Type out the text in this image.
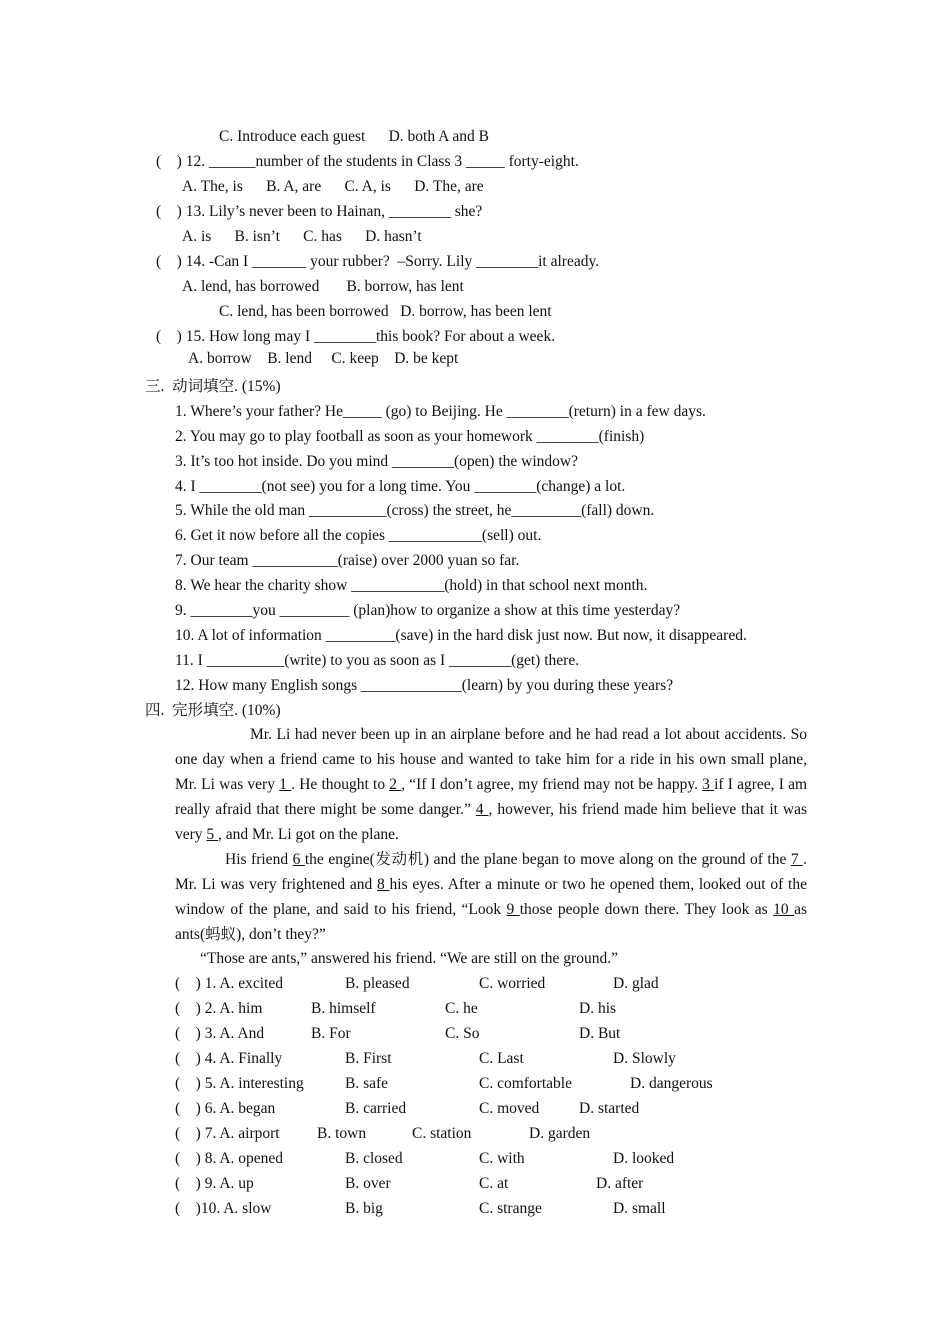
C. Introduce each guest      D. both A and B
(    ) 12. ______number of the students in Class 3 _____ forty-eight.
A. The, is      B. A, are      C. A, is      D. The, are
(    ) 13. Lily’s never been to Hainan, ________ she?
A. is      B. isn’t      C. has      D. hasn’t
(    ) 14. -Can I _______ your rubber?  –Sorry. Lily ________it already.
A. lend, has borrowed       B. borrow, has lent
C. lend, has been borrowed   D. borrow, has been lent
(    ) 15. How long may I ________this book? For about a week.
A. borrow    B. lend     C. keep    D. be kept
三.  动词填空. (15%)
1. Where’s your father? He_____ (go) to Beijing. He ________(return) in a few days.
2. You may go to play football as soon as your homework ________(finish)
3. It’s too hot inside. Do you mind ________(open) the window?
4. I ________(not see) you for a long time. You ________(change) a lot.
5. While the old man __________(cross) the street, he_________(fall) down.
6. Get it now before all the copies ____________(sell) out.
7. Our team ___________(raise) over 2000 yuan so far.
8. We hear the charity show ____________(hold) in that school next month.
9. ________you _________ (plan)how to organize a show at this time yesterday?
10. A lot of information _________(save) in the hard disk just now. But now, it disappeared.
11. I __________(write) to you as soon as I ________(get) there.
12. How many English songs _____________(learn) by you during these years?
四.  完形填空. (10%)
Mr. Li had never been up in an airplane before and he had read a lot about accidents. So one day when a friend came to his house and wanted to take him for a ride in his own small plane, Mr. Li was very 1 . He thought to 2 , “If I don’t agree, my friend may not be happy. 3 if I agree, I am really afraid that there might be some danger.” 4 , however, his friend made him believe that it was very 5 , and Mr. Li got on the plane.
His friend 6 the engine(发动机) and the plane began to move along on the ground of the 7 . Mr. Li was very frightened and 8 his eyes. After a minute or two he opened them, looked out of the window of the plane, and said to his friend, “Look 9 those people down there. They look as 10 as ants(蚂蚁), don’t they?”
“Those are ants,” answered his friend. “We are still on the ground.”
(    ) 1. A. excited	B. pleased	C. worried	D. glad
(    ) 2. A. him	B. himself	C. he	D. his
(    ) 3. A. And	B. For	C. So	D. But
(    ) 4. A. Finally	B. First	C. Last	D. Slowly
(    ) 5. A. interesting	B. safe	C. comfortable	D. dangerous
(    ) 6. A. began	B. carried	C. moved	D. started
(    ) 7. A. airport B. town	C. station	D. garden
(    ) 8. A. opened	B. closed	C. with	D. looked
(    ) 9. A. up	B. over	C. at	D. after
(    )10. A. slow	B. big	C. strange	D. small
